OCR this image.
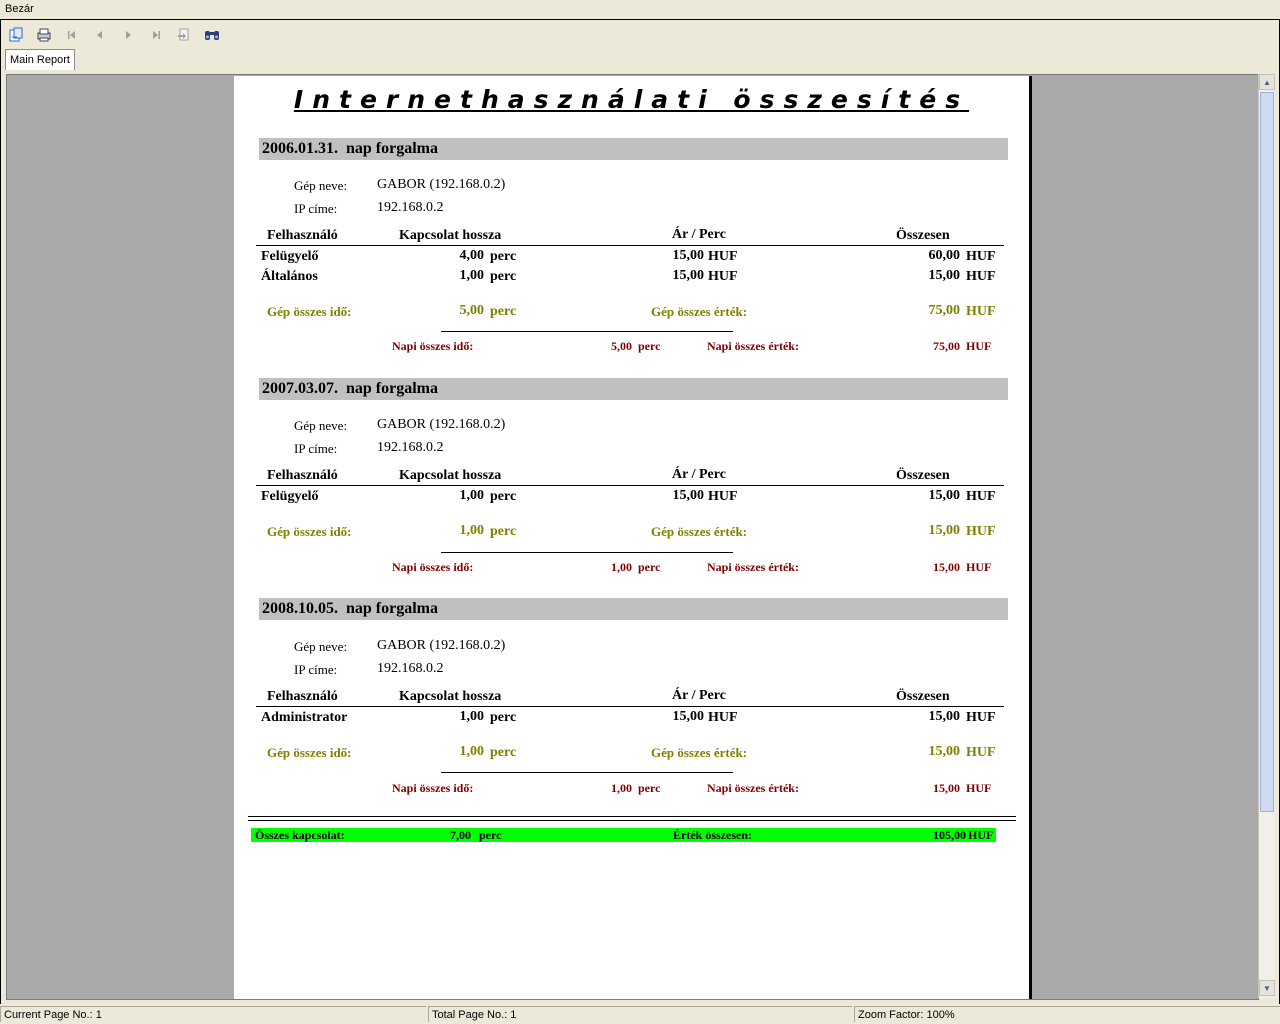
Bezár
Main Report
Internethasználati összesítés
2006.01.31. nap forgalma
Gép neve: GABOR (192.168.0.2)
IP címe:	192.168.0.2
Felhasználó	Kapcsolat hossza	Ár / Perc	Összesen
Felügyelő	4,00 perc	15,00 HUF	60,00 HUF
Általános	1,00 perc	15,00 HUF	15,00 HUF
Gép összes idő:	5,00 perc	Gép összes érték:	75,00 HUF
Napi összes idő:	5,00 perc	Napi összes érték:	75,00 HUF
2007.03.07. nap forgalma
Gép neve: GABOR (192.168.0.2)
IP címe:	192.168.0.2
Felhasználó	Kapcsolat hossza	Ár / Perc	Összesen
Felügyelő	1,00 perc	15,00 HUF	15,00 HUF
Gép összes idő:	1,00 perc	Gép összes érték:	15,00 HUF
Napi összes idő:	1,00 perc	Napi összes érték:	15,00 HUF
2008.10.05. nap forgalma
Gép neve: GABOR (192.168.0.2)
IP címe:	192.168.0.2
Felhasználó	Kapcsolat hossza	Ár / Perc	Összesen
Administrator	1,00 perc	15,00 HUF	15,00 HUF
Gép összes idő:	1,00 perc	Gép összes érték:	15,00 HUF
Napi összes idő:	1,00 perc	Napi összes érték:	15,00 HUF
Összes kapcsolat:	7,00 perc	Érték összesen:	105,00 HUF
▲
▼
Current Page No.: 1	Total Page No.: 1	Zoom Factor: 100%
